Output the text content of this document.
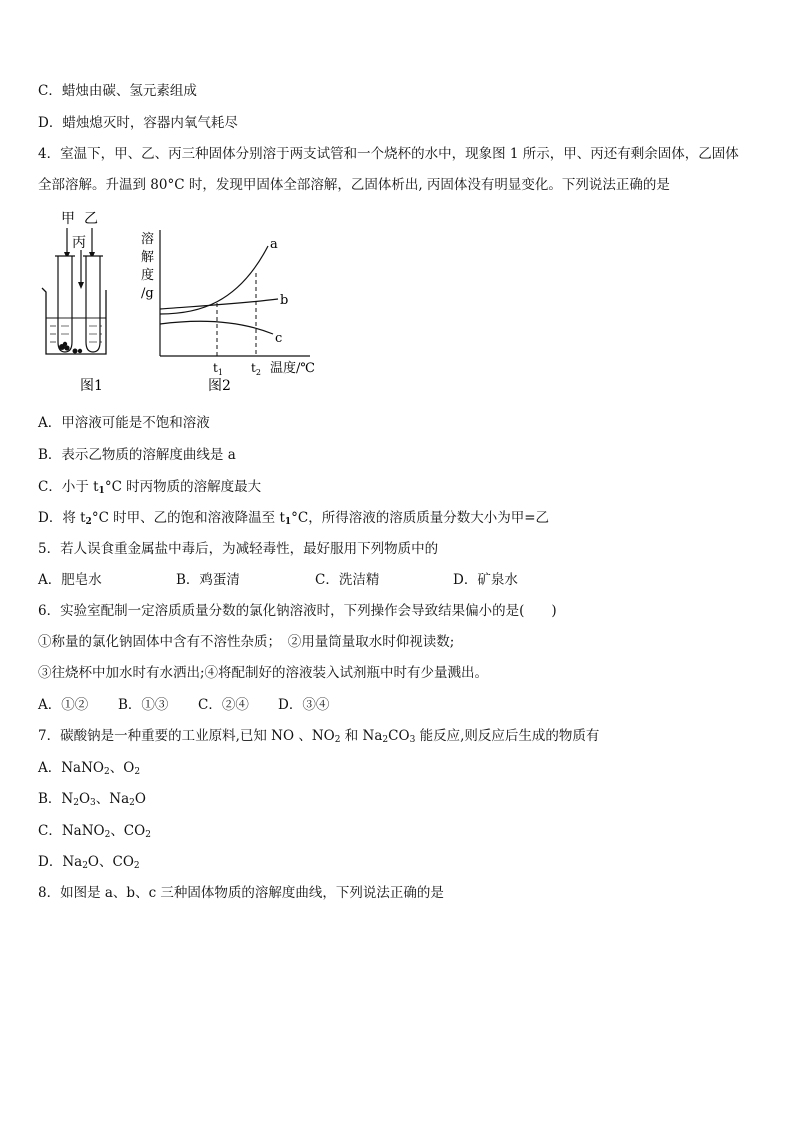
C．蜡烛由碳、氢元素组成
D．蜡烛熄灭时，容器内氧气耗尽
4．室温下，甲、乙、丙三种固体分别溶于两支试管和一个烧杯的水中，现象图 1 所示，甲、丙还有剩余固体，乙固体
全部溶解。升温到 80°C 时，发现甲固体全部溶解，乙固体析出, 丙固体没有明显变化。下列说法正确的是
甲 乙
丙
图1
溶
解
度
/g
a
b
c
$t_1$ $t_2$ 温度/℃
图2
A．甲溶液可能是不饱和溶液
B．表示乙物质的溶解度曲线是 a
C．小于 $t_1^\circ C$ 时丙物质的溶解度最大
D．将 $t_2^\circ C$ 时甲、乙的饱和溶液降温至 $t_1^\circ C$，所得溶液的溶质质量分数大小为甲=乙
5．若人误食重金属盐中毒后，为减轻毒性，最好服用下列物质中的
A．肥皂水	B．鸡蛋清	C．洗洁精	D．矿泉水
6．实验室配制一定溶质质量分数的氯化钠溶液时，下列操作会导致结果偏小的是(　　)
①称量的氯化钠固体中含有不溶性杂质；　②用量筒量取水时仰视读数;
③往烧杯中加水时有水洒出;④将配制好的溶液装入试剂瓶中时有少量溅出。
A．①② B．①③ C．②④ D．③④
7．碳酸钠是一种重要的工业原料,已知 NO 、$NO_2$ 和 $Na_2CO_3$ 能反应,则反应后生成的物质有
A．NaNO$_2$、$O_2$
B．$N_2O_3$、$Na_2O$
C．NaNO$_2$、$CO_2$
D．$Na_2O$、$CO_2$
8．如图是 a、b、c 三种固体物质的溶解度曲线，下列说法正确的是
